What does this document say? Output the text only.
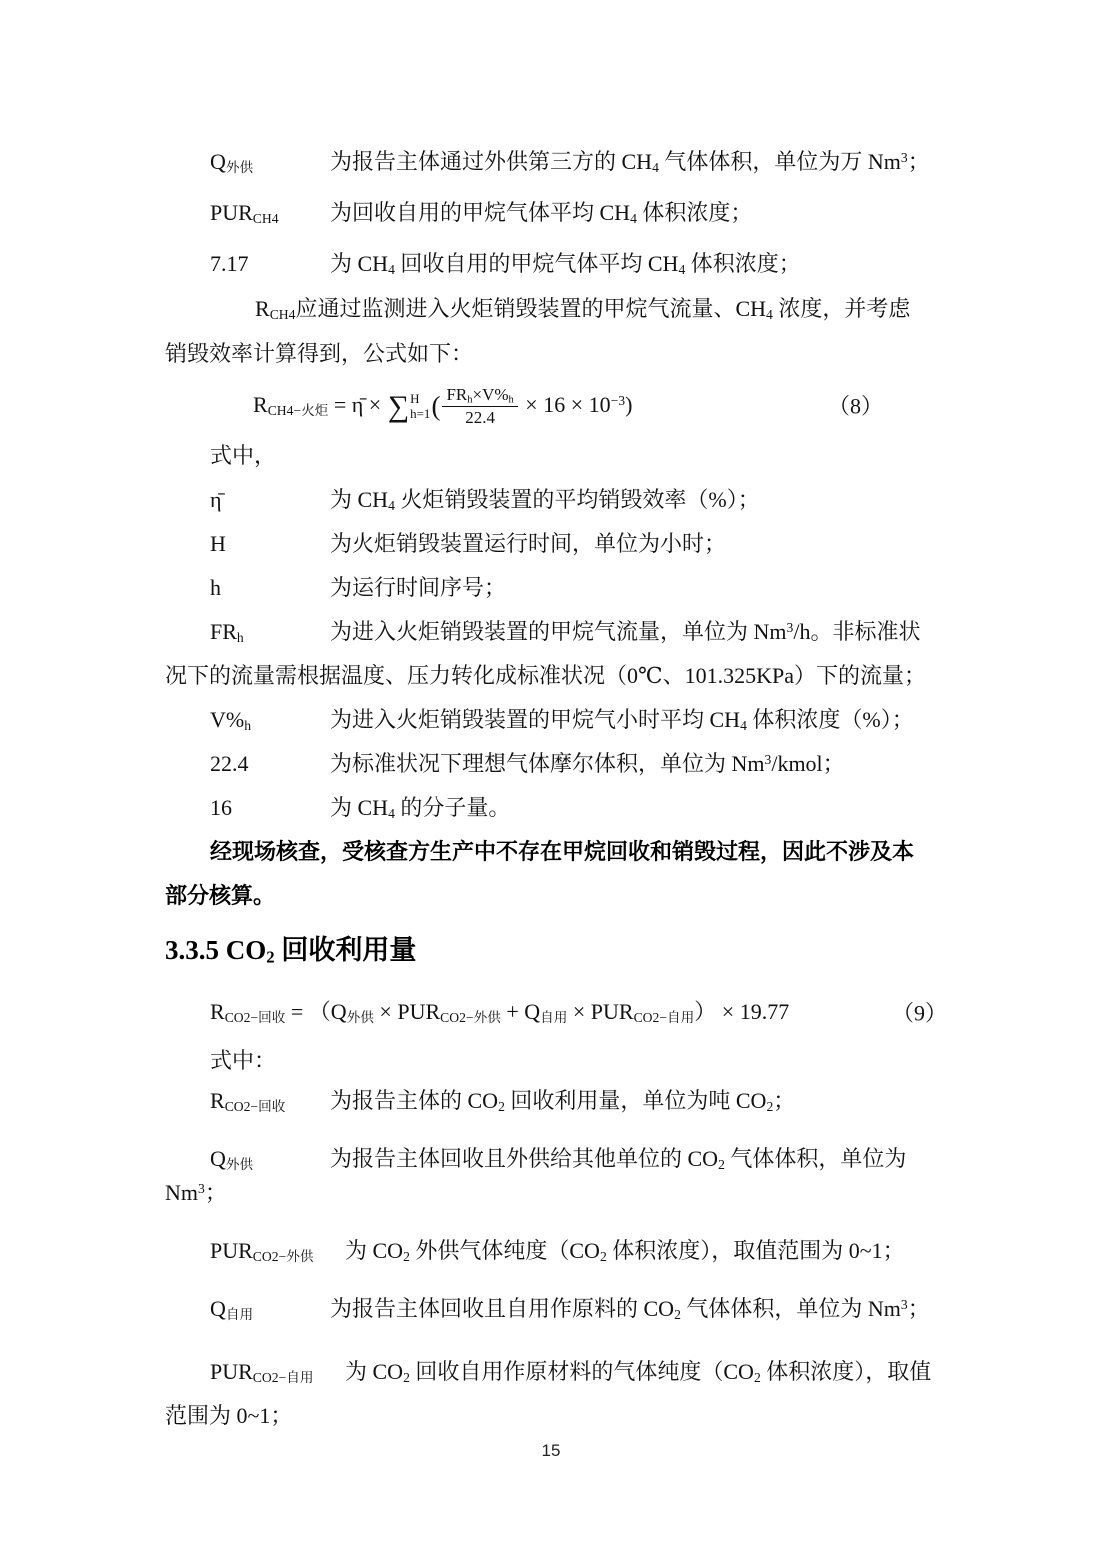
$Q_{外供}$	为报告主体通过外供第三方的 $CH_4$ 气体体积，单位为万 Nm$^3$；
$PUR_{CH4}$ 为回收自用的甲烷气体平均 $CH_4$ 体积浓度；
7.17	为 $CH_4$ 回收自用的甲烷气体平均 $CH_4$ 体积浓度；
$R_{CH4}$应通过监测进入火炬销毁装置的甲烷气流量、$CH_4$ 浓度，并考虑销毁效率计算得到，公式如下：
$R_{CH4-火炬}$ = η̄ × ∑ H
h=1 ( $\frac{FR_h\times V\%_h}{22.4} \times 16 \times 10^{-3}$)	（8）
式中，
η̄	为 $CH_4$ 火炬销毁装置的平均销毁效率（%）；
H	为火炬销毁装置运行时间，单位为小时；
h	为运行时间序号；
$FR_h$	为进入火炬销毁装置的甲烷气流量，单位为 Nm$^3$/h。非标准状况下的流量需根据温度、压力转化成标准状况（0℃、101.325KPa）下的流量；
$V\%_h$	为进入火炬销毁装置的甲烷气小时平均 $CH_4$ 体积浓度（%）；
22.4	为标准状况下理想气体摩尔体积，单位为 Nm$^3$/kmol；
16	为 $CH_4$ 的分子量。
经现场核查，受核查方生产中不存在甲烷回收和销毁过程，因此不涉及本部分核算。
3.3.5 $CO_2$ 回收利用量
$R_{CO2-回收} = (Q_{外供} \times PUR_{CO2-外供} + Q_{自用} \times PUR_{CO2-自用}) \times 19.77$	（9）
式中：
$R_{CO2-回收}$ 为报告主体的 $CO_2$ 回收利用量，单位为吨 $CO_2$；
$Q_{外供}$	为报告主体回收且外供给其他单位的 $CO_2$ 气体体积，单位为 Nm$^3$；
$PUR_{CO2-外供}$ 为 $CO_2$ 外供气体纯度（$CO_2$ 体积浓度），取值范围为 0~1；
$Q_{自用}$	为报告主体回收且自用作原料的 $CO_2$ 气体体积，单位为 Nm$^3$；
$PUR_{CO2-自用}$ 为 $CO_2$ 回收自用作原材料的气体纯度（$CO_2$ 体积浓度），取值范围为 0~1；
15
